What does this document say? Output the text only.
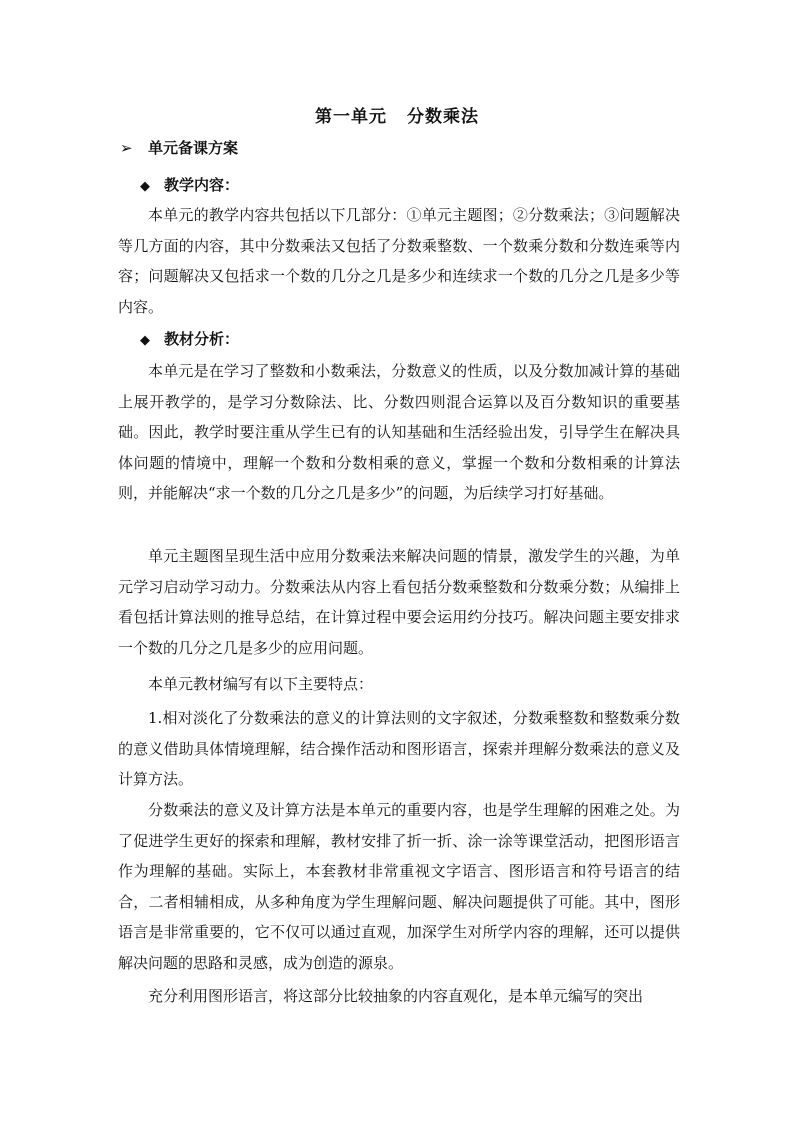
第一单元 分数乘法
➢ 单元备课方案
◆ 教学内容：

本单元的教学内容共包括以下几部分：①单元主题图；②分数乘法；③问题解决等几方面的内容，其中分数乘法又包括了分数乘整数、一个数乘分数和分数连乘等内容；问题解决又包括求一个数的几分之几是多少和连续求一个数的几分之几是多少等内容。

◆ 教材分析：

本单元是在学习了整数和小数乘法，分数意义的性质，以及分数加减计算的基础上展开教学的，是学习分数除法、比、分数四则混合运算以及百分数知识的重要基础。因此，教学时要注重从学生已有的认知基础和生活经验出发，引导学生在解决具体问题的情境中，理解一个数和分数相乘的意义，掌握一个数和分数相乘的计算法则，并能解决“求一个数的几分之几是多少”的问题，为后续学习打好基础。

单元主题图呈现生活中应用分数乘法来解决问题的情景，激发学生的兴趣，为单元学习启动学习动力。分数乘法从内容上看包括分数乘整数和分数乘分数；从编排上看包括计算法则的推导总结，在计算过程中要会运用约分技巧。解决问题主要安排求一个数的几分之几是多少的应用问题。

本单元教材编写有以下主要特点：

1.相对淡化了分数乘法的意义的计算法则的文字叙述，分数乘整数和整数乘分数的意义借助具体情境理解，结合操作活动和图形语言，探索并理解分数乘法的意义及计算方法。

分数乘法的意义及计算方法是本单元的重要内容，也是学生理解的困难之处。为了促进学生更好的探索和理解，教材安排了折一折、涂一涂等课堂活动，把图形语言作为理解的基础。实际上，本套教材非常重视文字语言、图形语言和符号语言的结合，二者相辅相成，从多种角度为学生理解问题、解决问题提供了可能。其中，图形语言是非常重要的，它不仅可以通过直观，加深学生对所学内容的理解，还可以提供解决问题的思路和灵感，成为创造的源泉。

充分利用图形语言，将这部分比较抽象的内容直观化，是本单元编写的突出
